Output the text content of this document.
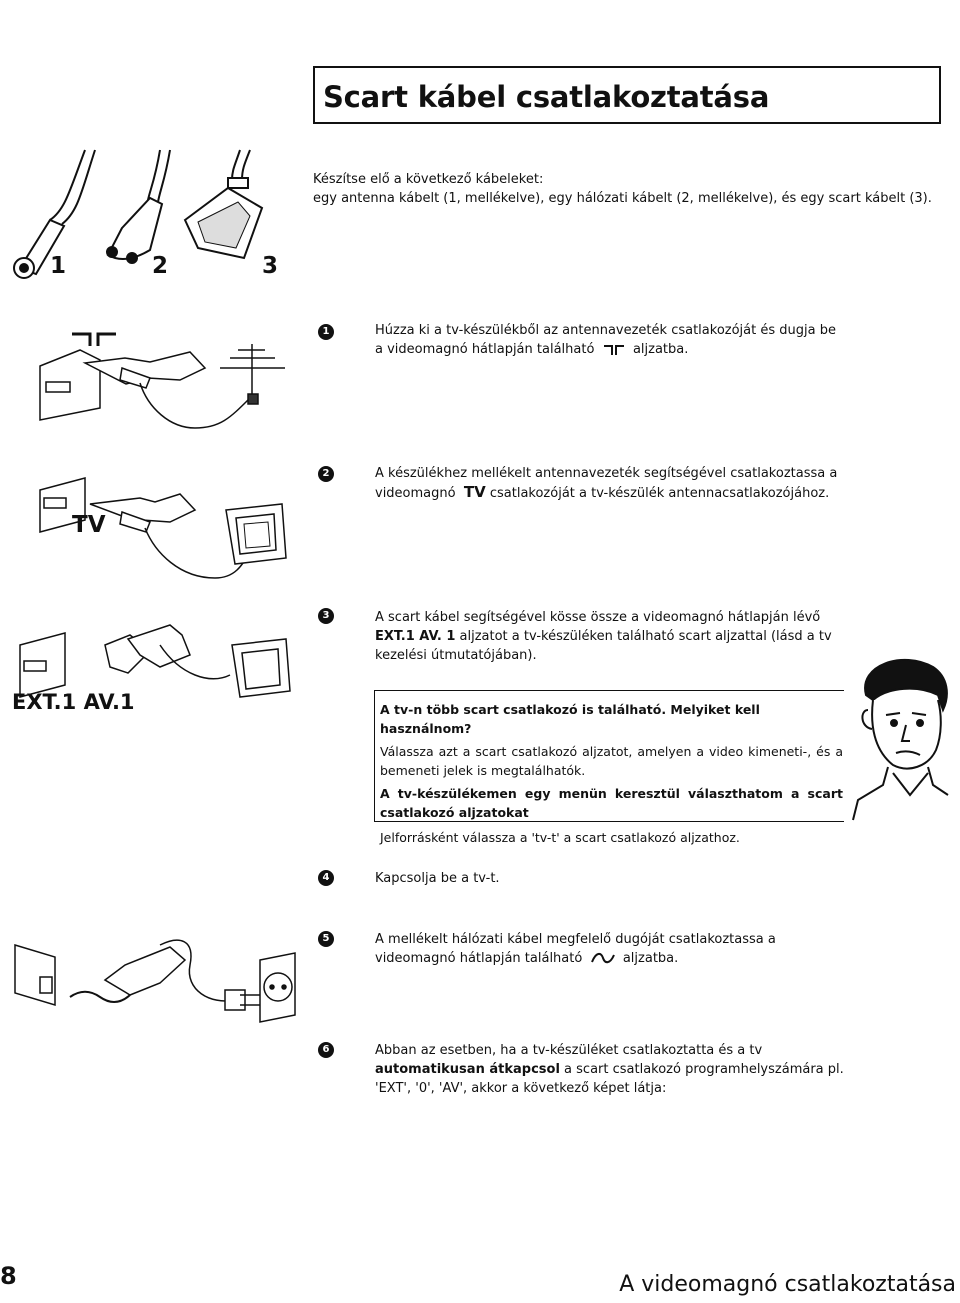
Scart kábel csatlakoztatása
Készítse elő a következő kábeleket:
egy antenna kábelt (1, mellékelve), egy hálózati kábelt (2, mellékelve), és egy scart kábelt (3).
1	2	3
1	Húzza ki a tv-készülékből az antennavezeték csatlakozóját és dugja be
a videomagnó hátlapján található	aljzatba.
2	A készülékhez mellékelt antennavezeték segítségével csatlakoztassa a
videomagnó TV csatlakozóját a tv-készülék antennacsatlakozójához.
TV
3	A scart kábel segítségével kösse össze a videomagnó hátlapján lévő
EXT.1 AV. 1 aljzatot a tv-készüléken található scart aljzattal (lásd a tv
kezelési útmutatójában).
EXT.1 AV.1	A tv-n több scart csatlakozó is található. Melyiket kell használnom?
Válassza azt a scart csatlakozó aljzatot, amelyen a video kimeneti-, és a bemeneti jelek is megtalálhatók.
A tv-készülékemen egy menün keresztül választhatom a scart csatlakozó aljzatokat
Jelforrásként válassza a 'tv-t' a scart csatlakozó aljzathoz.
4	Kapcsolja be a tv-t.
5	A mellékelt hálózati kábel megfelelő dugóját csatlakoztassa a
videomagnó hátlapján található	aljzatba.
6	Abban az esetben, ha a tv-készüléket csatlakoztatta és a tv
automatikusan átkapcsol a scart csatlakozó programhelyszámára pl.
'EXT', '0', 'AV', akkor a következő képet látja:
8	A videomagnó csatlakoztatása
